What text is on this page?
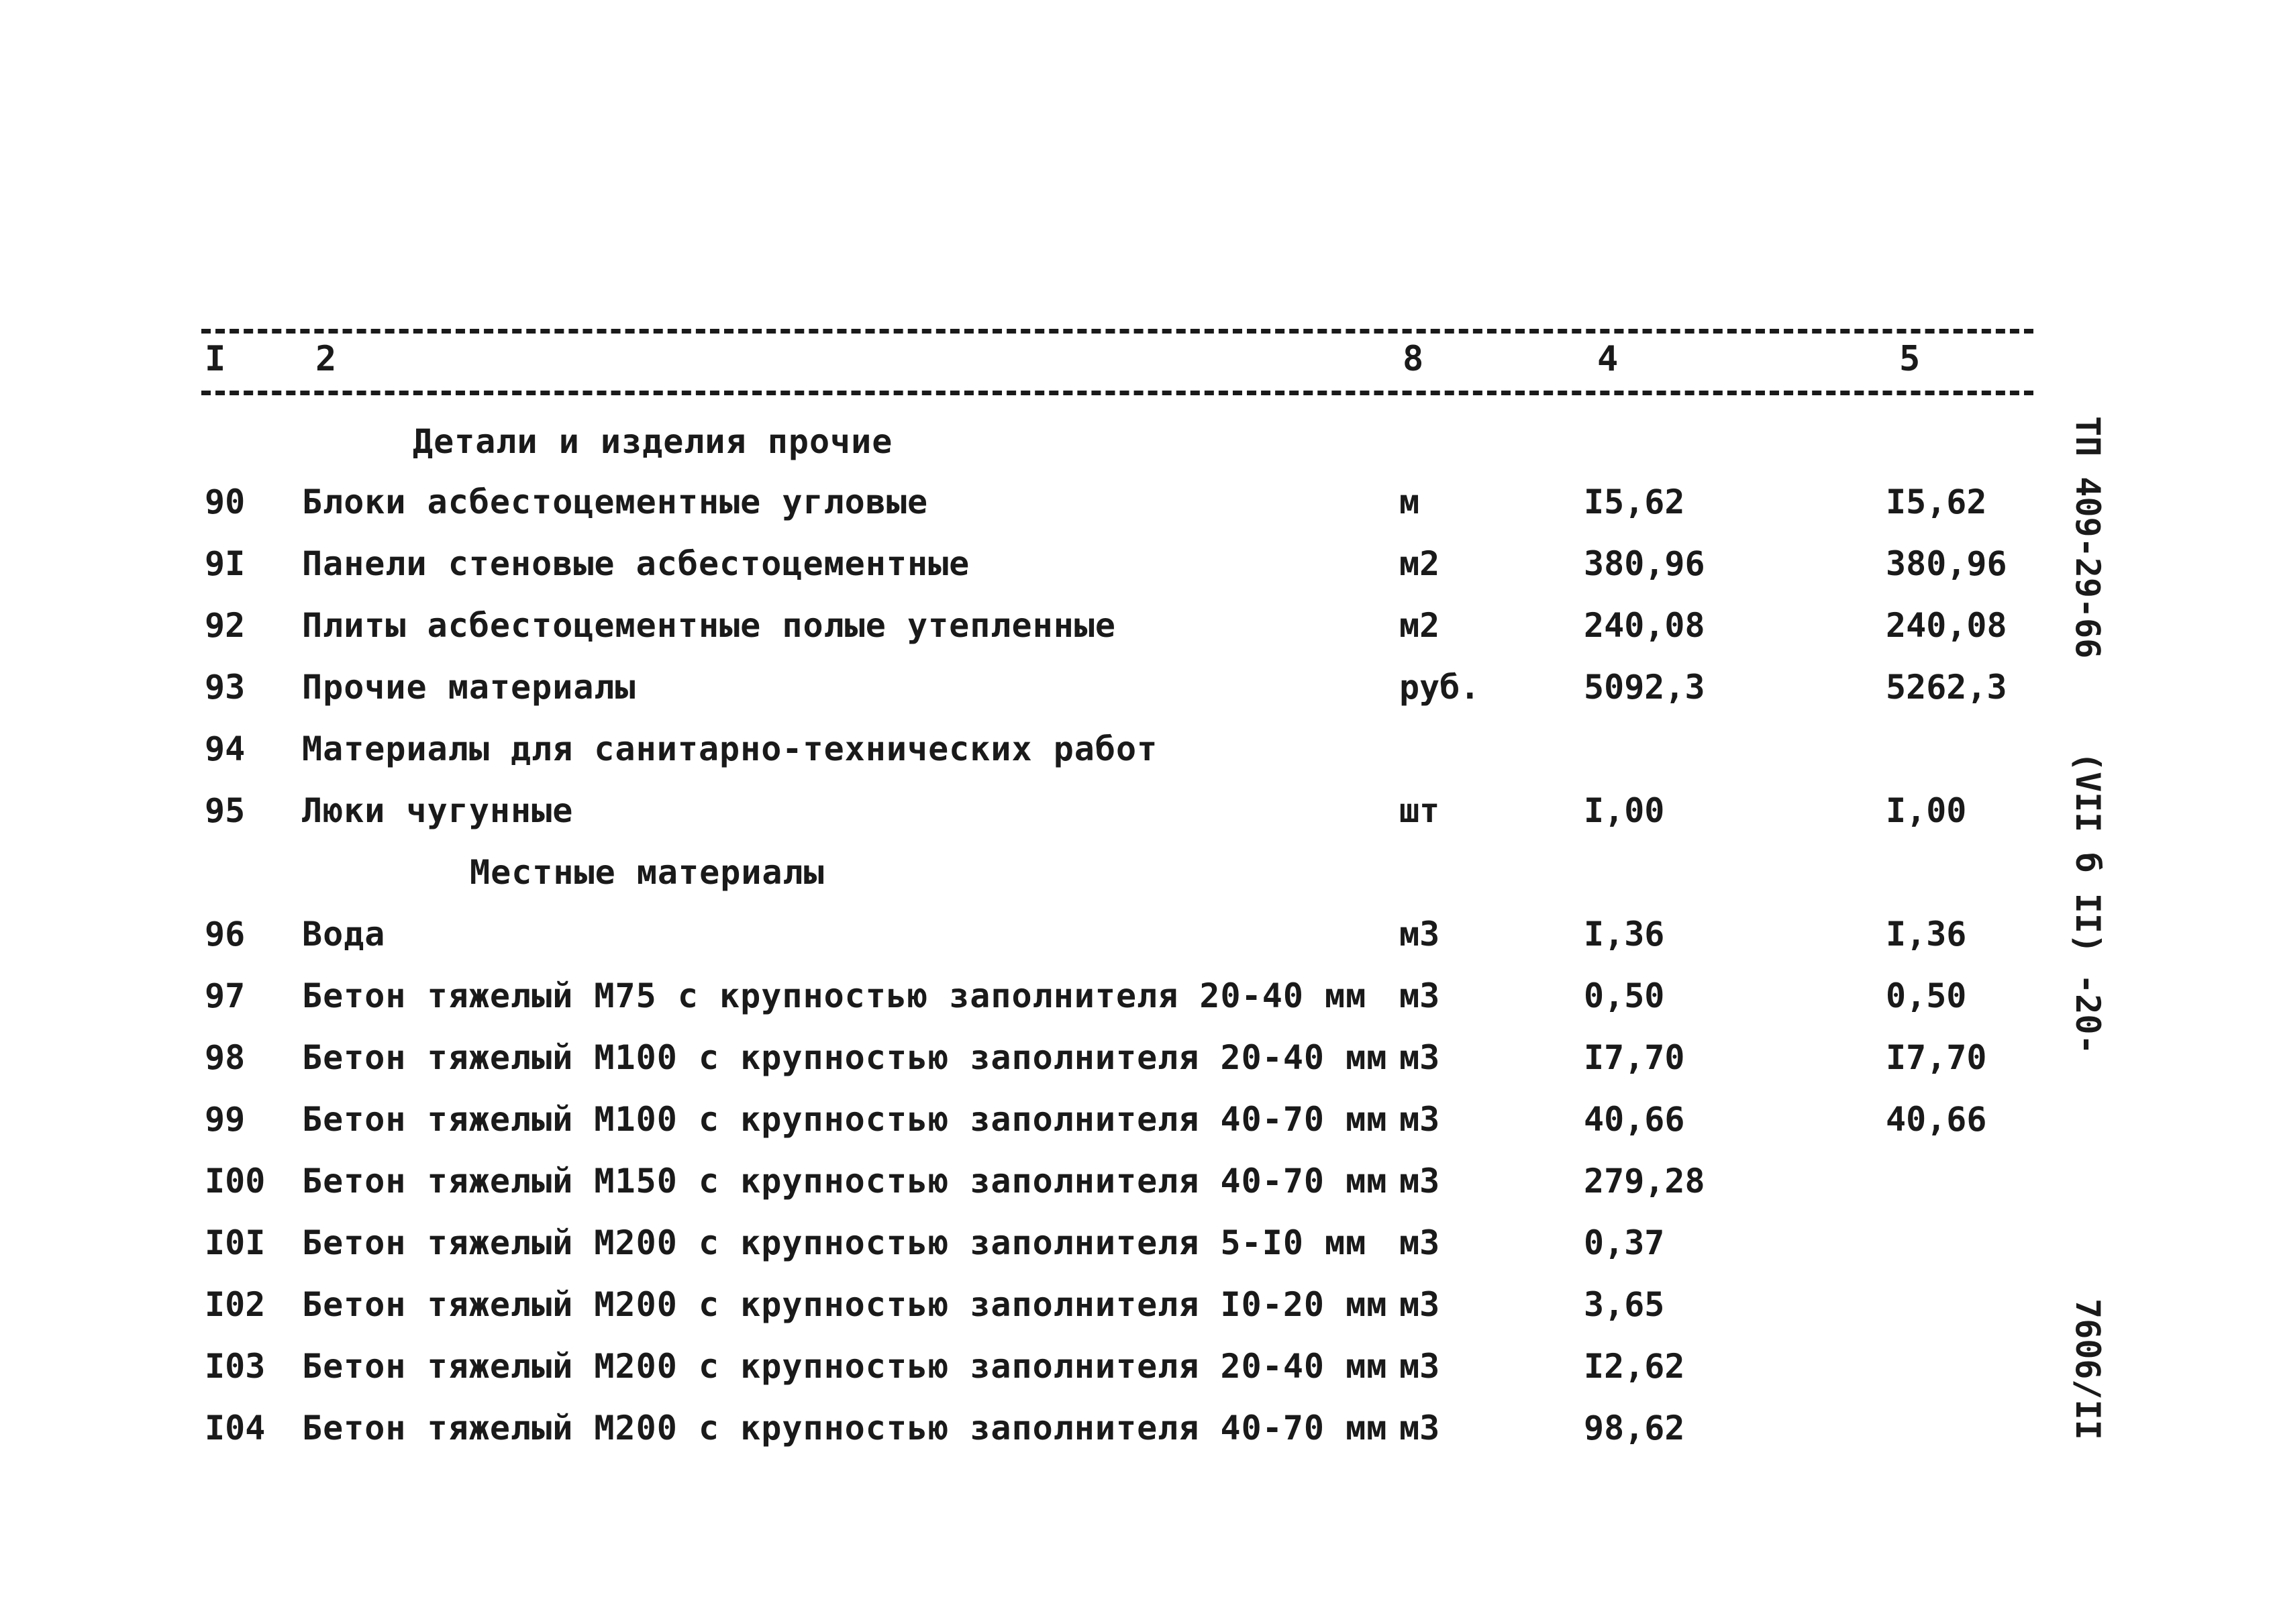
I	2	8	4	5
Детали и изделия прочие
90 Блоки асбестоцементные угловые	м	I5,62	I5,62
9I Панели стеновые асбестоцементные	м2	380,96	380,96
92 Плиты асбестоцементные полые утепленные	м2	240,08	240,08
93 Прочие материалы	руб.	5092,3	5262,3
94 Материалы для санитарно-технических работ
95 Люки чугунные	шт	I,00	I,00
Местные материалы
96 Вода	м3	I,36	I,36
97 Бетон тяжелый М75 с крупностью заполнителя 20-40 мм м3	0,50	0,50
98 Бетон тяжелый М100 с крупностью заполнителя 20-40 мм м3	I7,70	I7,70
99 Бетон тяжелый М100 с крупностью заполнителя 40-70 мм м3	40,66	40,66
I00 Бетон тяжелый М150 с крупностью заполнителя 40-70 мм м3	279,28
I0I Бетон тяжелый М200 с крупностью заполнителя 5-I0 мм м3	0,37
I02 Бетон тяжелый М200 с крупностью заполнителя I0-20 мм м3	3,65
I03 Бетон тяжелый М200 с крупностью заполнителя 20-40 мм м3	I2,62
I04 Бетон тяжелый М200 с крупностью заполнителя 40-70 мм м3	98,62
ТП 409-29-66
(VII б II) -20-
7606/II
